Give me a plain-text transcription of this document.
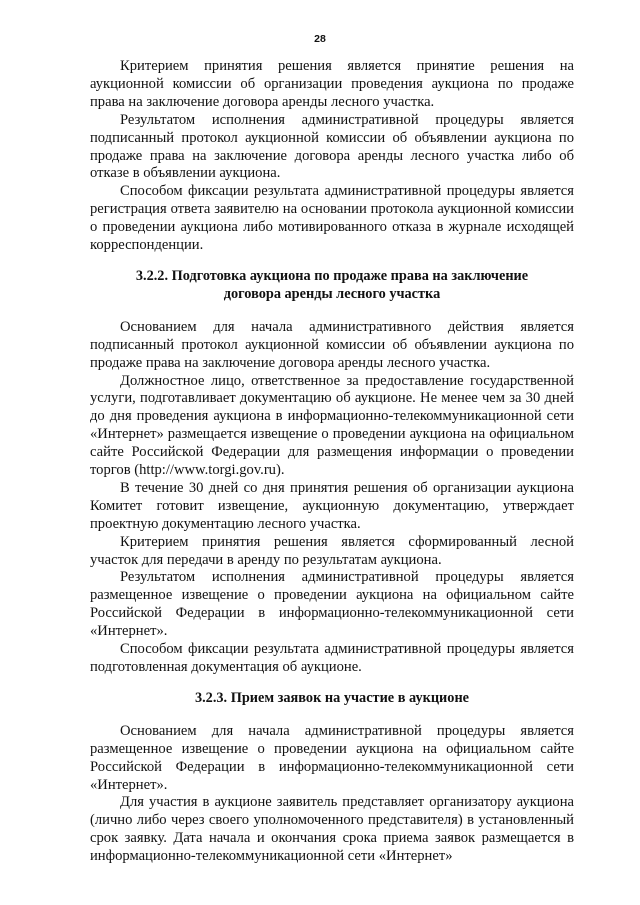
28

Критерием принятия решения является принятие решения на аукционной комиссии об организации проведения аукциона по продаже права на заключение договора аренды лесного участка.

Результатом исполнения административной процедуры является подписанный протокол аукционной комиссии об объявлении аукциона по продаже права на заключение договора аренды лесного участка либо об отказе в объявлении аукциона.

Способом фиксации результата административной процедуры является регистрация ответа заявителю на основании протокола аукционной комиссии о проведении аукциона либо мотивированного отказа в журнале исходящей корреспонденции.

3.2.2. Подготовка аукциона по продаже права на заключение

договора аренды лесного участка

Основанием для начала административного действия является подписанный протокол аукционной комиссии об объявлении аукциона по продаже права на заключение договора аренды лесного участка.

Должностное лицо, ответственное за предоставление государственной услуги, подготавливает документацию об аукционе. Не менее чем за 30 дней до дня проведения аукциона в информационно-телекоммуникационной сети «Интернет» размещается извещение о проведении аукциона на официальном сайте Российской Федерации для размещения информации о проведении торгов (http://www.torgi.gov.ru).

В течение 30 дней со дня принятия решения об организации аукциона Комитет готовит извещение, аукционную документацию, утверждает проектную документацию лесного участка.

Критерием принятия решения является сформированный лесной участок для передачи в аренду по результатам аукциона.

Результатом исполнения административной процедуры является размещенное извещение о проведении аукциона на официальном сайте Российской Федерации в информационно-телекоммуникационной сети «Интернет».

Способом фиксации результата административной процедуры является подготовленная документация об аукционе.

3.2.3. Прием заявок на участие в аукционе

Основанием для начала административной процедуры является размещенное извещение о проведении аукциона на официальном сайте Российской Федерации в информационно-телекоммуникационной сети «Интернет».

Для участия в аукционе заявитель представляет организатору аукциона (лично либо через своего уполномоченного представителя) в установленный срок заявку. Дата начала и окончания срока приема заявок размещается в информационно-телекоммуникационной сети «Интернет»
